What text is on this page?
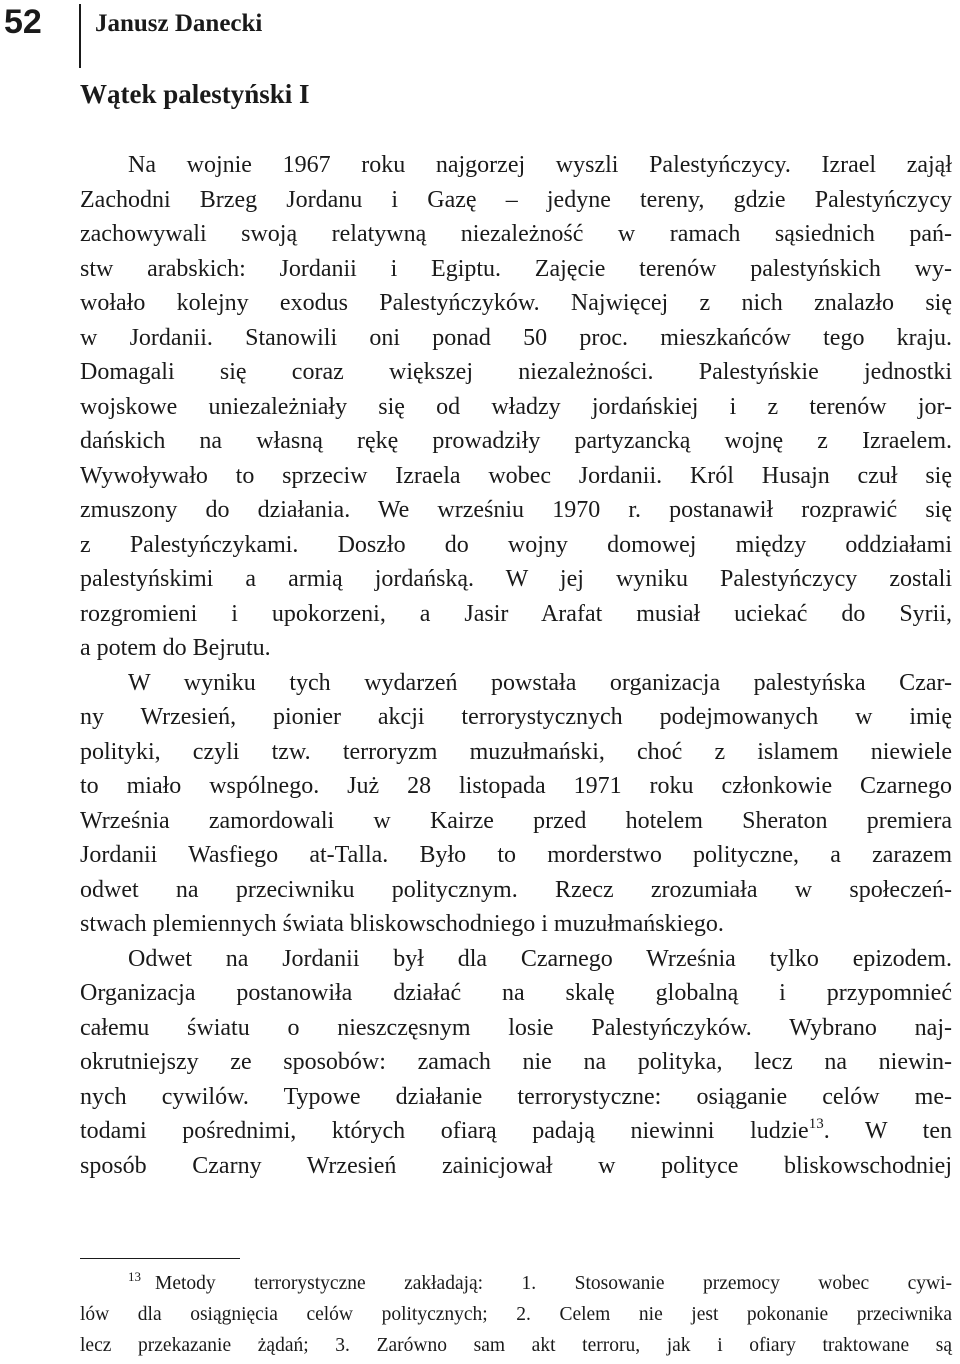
52 Janusz Danecki
Wątek palestyński I
Na wojnie 1967 roku najgorzej wyszli Palestyńczycy. Izrael zajął
Zachodni Brzeg Jordanu i Gazę – jedyne tereny, gdzie Palestyńczycy
zachowywali swoją relatywną niezależność w ramach sąsiednich pań-
stw arabskich: Jordanii i Egiptu. Zajęcie terenów palestyńskich wy-
wołało kolejny exodus Palestyńczyków. Najwięcej z nich znalazło się
w Jordanii. Stanowili oni ponad 50 proc. mieszkańców tego kraju.
Domagali się coraz większej niezależności. Palestyńskie jednostki
wojskowe uniezależniały się od władzy jordańskiej i z terenów jor-
dańskich na własną rękę prowadziły partyzancką wojnę z Izraelem.
Wywoływało to sprzeciw Izraela wobec Jordanii. Król Husajn czuł się
zmuszony do działania. We wrześniu 1970 r. postanawił rozprawić się
z Palestyńczykami. Doszło do wojny domowej między oddziałami
palestyńskimi a armią jordańską. W jej wyniku Palestyńczycy zostali
rozgromieni i upokorzeni, a Jasir Arafat musiał uciekać do Syrii,
a potem do Bejrutu.
W wyniku tych wydarzeń powstała organizacja palestyńska Czar-
ny Wrzesień, pionier akcji terrorystycznych podejmowanych w imię
polityki, czyli tzw. terroryzm muzułmański, choć z islamem niewiele
to miało wspólnego. Już 28 listopada 1971 roku członkowie Czarnego
Września zamordowali w Kairze przed hotelem Sheraton premiera
Jordanii Wasfiego at-Talla. Było to morderstwo polityczne, a zarazem
odwet na przeciwniku politycznym. Rzecz zrozumiała w społeczeń-
stwach plemiennych świata bliskowschodniego i muzułmańskiego.
Odwet na Jordanii był dla Czarnego Września tylko epizodem.
Organizacja postanowiła działać na skalę globalną i przypomnieć
całemu światu o nieszczęsnym losie Palestyńczyków. Wybrano naj-
okrutniejszy ze sposobów: zamach nie na polityka, lecz na niewin-
nych cywilów. Typowe działanie terrorystyczne: osiąganie celów me-
todami pośrednimi, których ofiarą padają niewinni ludzie$^{13}$. W ten
sposób Czarny Wrzesień zainicjował w polityce bliskowschodniej
$^{13}$ Metody terrorystyczne zakładają: 1. Stosowanie przemocy wobec cywi-
lów dla osiągnięcia celów politycznych; 2. Celem nie jest pokonanie przeciwnika
lecz przekazanie żądań; 3. Zarówno sam akt terroru, jak i ofiary traktowane są
